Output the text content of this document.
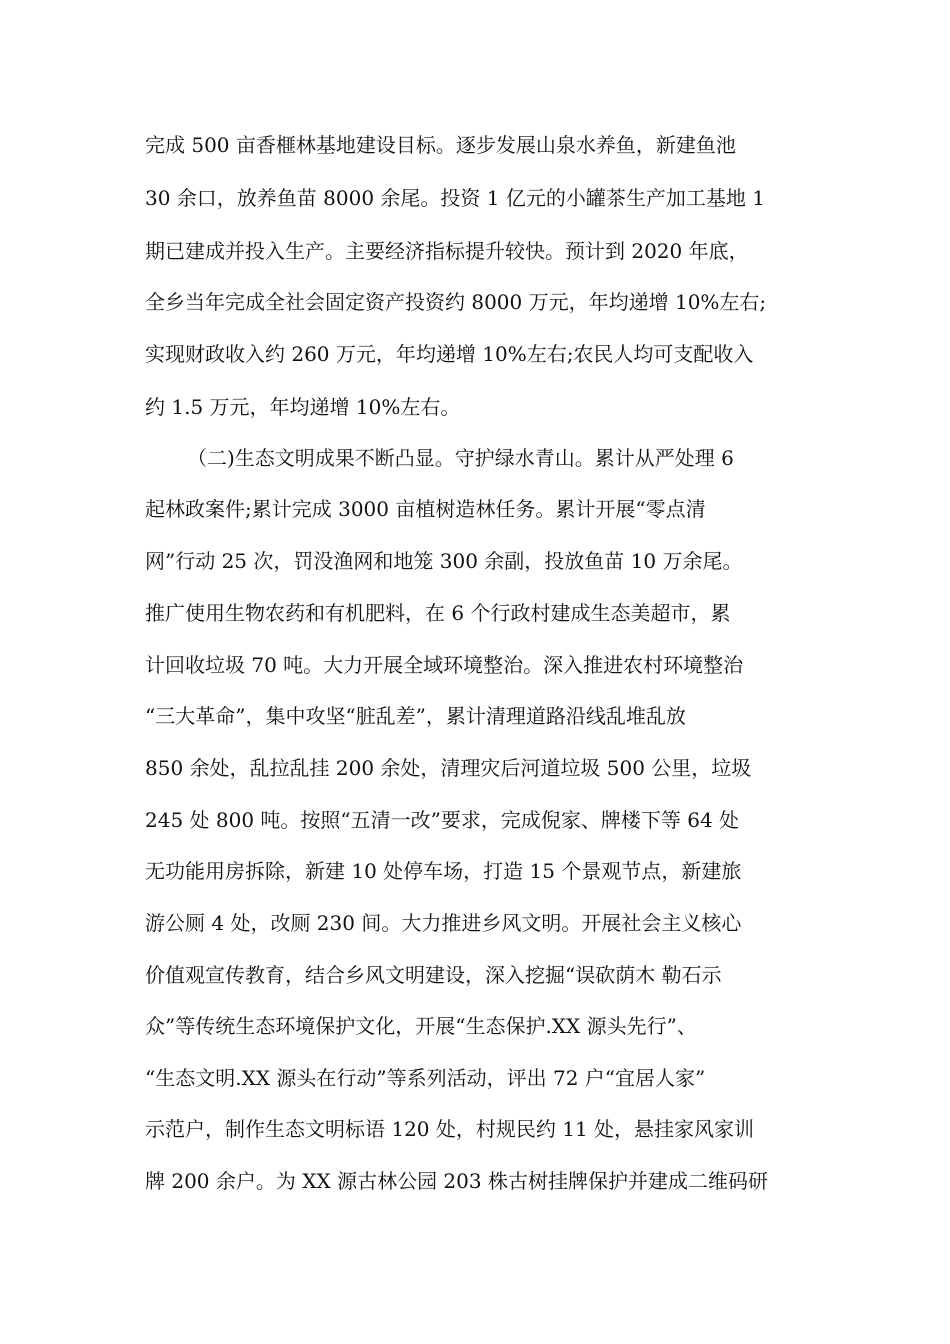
完成 500 亩香榧林基地建设目标。逐步发展山泉水养鱼，新建鱼池
30 余口，放养鱼苗 8000 余尾。投资 1 亿元的小罐茶生产加工基地 1
期已建成并投入生产。主要经济指标提升较快。预计到 2020 年底，
全乡当年完成全社会固定资产投资约 8000 万元，年均递增 10%左右;
实现财政收入约 260 万元，年均递增 10%左右;农民人均可支配收入
约 1.5 万元，年均递增 10%左右。
（二)生态文明成果不断凸显。守护绿水青山。累计从严处理 6
起林政案件;累计完成 3000 亩植树造林任务。累计开展“零点清
网”行动 25 次，罚没渔网和地笼 300 余副，投放鱼苗 10 万余尾。
推广使用生物农药和有机肥料，在 6 个行政村建成生态美超市，累
计回收垃圾 70 吨。大力开展全域环境整治。深入推进农村环境整治
“三大革命”，集中攻坚“脏乱差”，累计清理道路沿线乱堆乱放
850 余处，乱拉乱挂 200 余处，清理灾后河道垃圾 500 公里，垃圾
245 处 800 吨。按照“五清一改”要求，完成倪家、牌楼下等 64 处
无功能用房拆除，新建 10 处停车场，打造 15 个景观节点，新建旅
游公厕 4 处，改厕 230 间。大力推进乡风文明。开展社会主义核心
价值观宣传教育，结合乡风文明建设，深入挖掘“误砍荫木 勒石示
众”等传统生态环境保护文化，开展“生态保护.XX 源头先行”、
“生态文明.XX 源头在行动”等系列活动，评出 72 户“宜居人家”
示范户，制作生态文明标语 120 处，村规民约 11 处，悬挂家风家训
牌 200 余户。为 XX 源古林公园 203 株古树挂牌保护并建成二维码研
